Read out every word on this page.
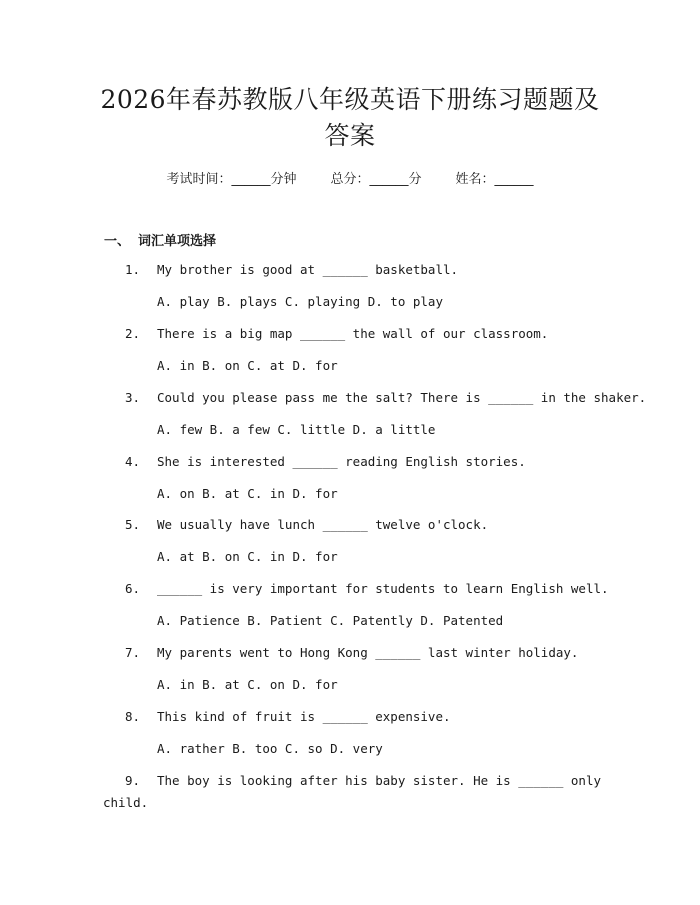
2026年春苏教版八年级英语下册练习题题及
答案
考试时间：______分钟	总分：______分	姓名：______
一、 词汇单项选择
1. My brother is good at ______ basketball.
A. play B. plays C. playing D. to play
2. There is a big map ______ the wall of our classroom.
A. in B. on C. at D. for
3. Could you please pass me the salt? There is ______ in the shaker.
A. few B. a few C. little D. a little
4. She is interested ______ reading English stories.
A. on B. at C. in D. for
5. We usually have lunch ______ twelve o'clock.
A. at B. on C. in D. for
6. ______ is very important for students to learn English well.
A. Patience B. Patient C. Patently D. Patented
7. My parents went to Hong Kong ______ last winter holiday.
A. in B. at C. on D. for
8. This kind of fruit is ______ expensive.
A. rather B. too C. so D. very
9. The boy is looking after his baby sister. He is ______ only
child.
